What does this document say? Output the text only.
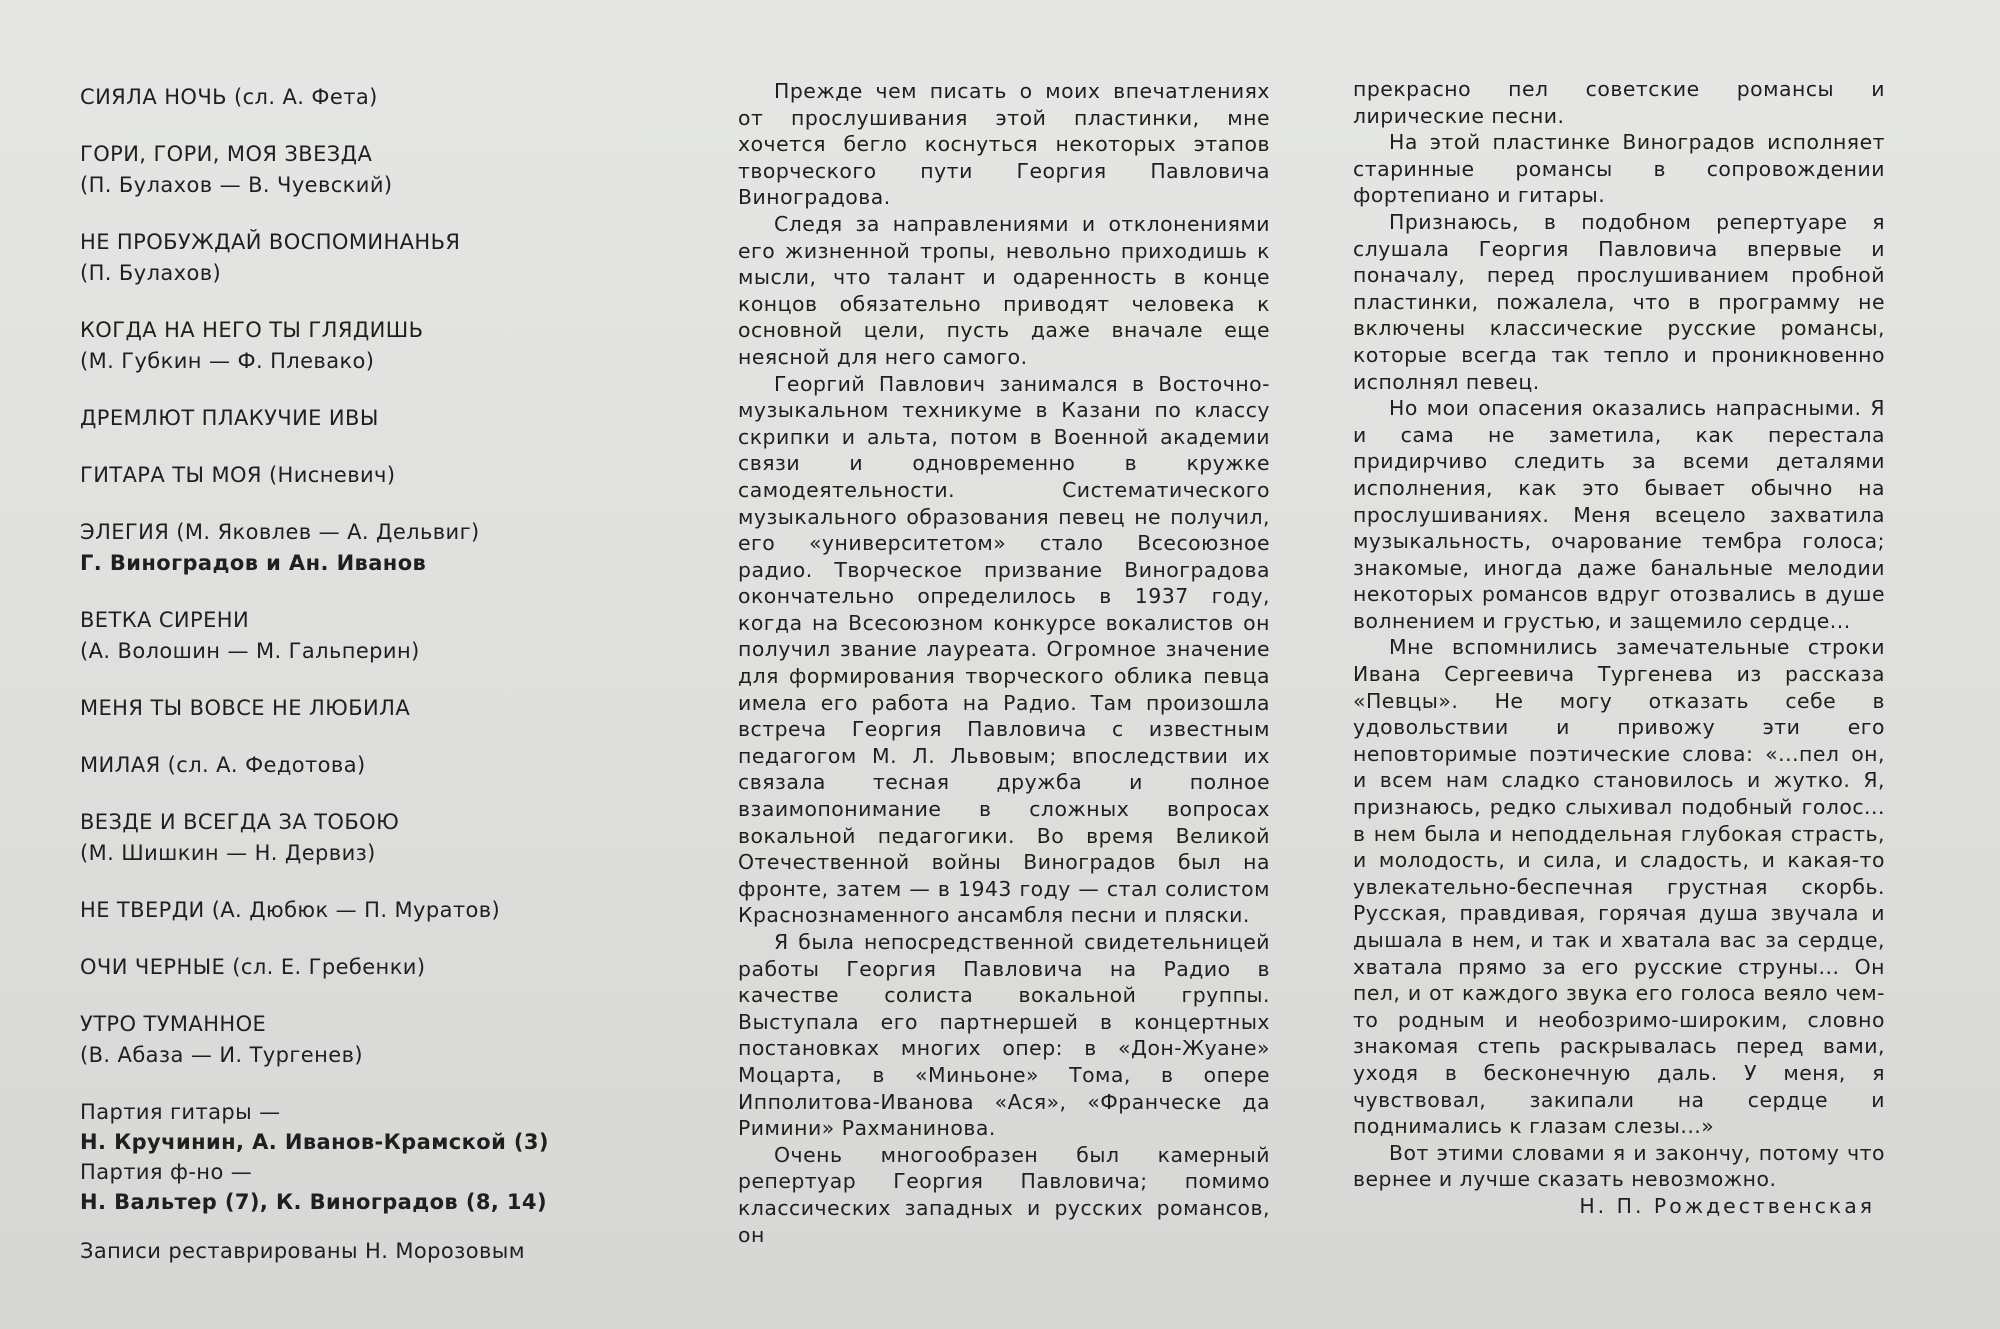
СИЯЛА НОЧЬ (сл. А. Фета)
ГОРИ, ГОРИ, МОЯ ЗВЕЗДА
(П. Булахов — В. Чуевский)
НЕ ПРОБУЖДАЙ ВОСПОМИНАНЬЯ
(П. Булахов)
КОГДА НА НЕГО ТЫ ГЛЯДИШЬ
(М. Губкин — Ф. Плевако)
ДРЕМЛЮТ ПЛАКУЧИЕ ИВЫ
ГИТАРА ТЫ МОЯ (Нисневич)
ЭЛЕГИЯ (М. Яковлев — А. Дельвиг)
Г. Виноградов и Ан. Иванов
ВЕТКА СИРЕНИ
(А. Волошин — М. Гальперин)
МЕНЯ ТЫ ВОВСЕ НЕ ЛЮБИЛА
МИЛАЯ (сл. А. Федотова)
ВЕЗДЕ И ВСЕГДА ЗА ТОБОЮ
(М. Шишкин — Н. Дервиз)
НЕ ТВЕРДИ (А. Дюбюк — П. Муратов)
ОЧИ ЧЕРНЫЕ (сл. Е. Гребенки)
УТРО ТУМАННОЕ
(В. Абаза — И. Тургенев)
Партия гитары —
Н. Кручинин, А. Иванов-Крамской (3)
Партия ф-но —
Н. Вальтер (7), К. Виноградов (8, 14)
Записи реставрированы Н. Морозовым

Прежде чем писать о моих впечатлениях от прослушивания этой пластинки, мне хочется бегло коснуться некоторых этапов творческого пути Георгия Павловича Виноградова.

Следя за направлениями и отклонениями его жизненной тропы, невольно приходишь к мысли, что талант и одаренность в конце концов обязательно приводят человека к основной цели, пусть даже вначале еще неясной для него самого.

Георгий Павлович занимался в Восточно-музыкальном техникуме в Казани по классу скрипки и альта, потом в Военной академии связи и одновременно в кружке самодеятельности. Систематического музыкального образования певец не получил, его «университетом» стало Всесоюзное радио. Творческое призвание Виноградова окончательно определилось в 1937 году, когда на Всесоюзном конкурсе вокалистов он получил звание лауреата. Огромное значение для формирования творческого облика певца имела его работа на Радио. Там произошла встреча Георгия Павловича с известным педагогом М. Л. Львовым; впоследствии их связала тесная дружба и полное взаимопонимание в сложных вопросах вокальной педагогики. Во время Великой Отечественной войны Виноградов был на фронте, затем — в 1943 году — стал солистом Краснознаменного ансамбля песни и пляски.

Я была непосредственной свидетельницей работы Георгия Павловича на Радио в качестве солиста вокальной группы. Выступала его партнершей в концертных постановках многих опер: в «Дон-Жуане» Моцарта, в «Миньоне» Тома, в опере Ипполитова-Иванова «Ася», «Франческе да Римини» Рахманинова.

Очень многообразен был камерный репертуар Георгия Павловича; помимо классических западных и русских романсов, он

прекрасно пел советские романсы и лирические песни.

На этой пластинке Виноградов исполняет старинные романсы в сопровождении фортепиано и гитары.

Признаюсь, в подобном репертуаре я слушала Георгия Павловича впервые и поначалу, перед прослушиванием пробной пластинки, пожалела, что в программу не включены классические русские романсы, которые всегда так тепло и проникновенно исполнял певец.

Но мои опасения оказались напрасными. Я и сама не заметила, как перестала придирчиво следить за всеми деталями исполнения, как это бывает обычно на прослушиваниях. Меня всецело захватила музыкальность, очарование тембра голоса; знакомые, иногда даже банальные мелодии некоторых романсов вдруг отозвались в душе волнением и грустью, и защемило сердце...

Мне вспомнились замечательные строки Ивана Сергеевича Тургенева из рассказа «Певцы». Не могу отказать себе в удовольствии и привожу эти его неповторимые поэтические слова: «...пел он, и всем нам сладко становилось и жутко. Я, признаюсь, редко слыхивал подобный голос... в нем была и неподдельная глубокая страсть, и молодость, и сила, и сладость, и какая-то увлекательно-беспечная грустная скорбь. Русская, правдивая, горячая душа звучала и дышала в нем, и так и хватала вас за сердце, хватала прямо за его русские струны... Он пел, и от каждого звука его голоса веяло чем-то родным и необозримо-широким, словно знакомая степь раскрывалась перед вами, уходя в бесконечную даль. У меня, я чувствовал, закипали на сердце и поднимались к глазам слезы...»

Вот этими словами я и закончу, потому что вернее и лучше сказать невозможно.

Н. П. Рождественская
